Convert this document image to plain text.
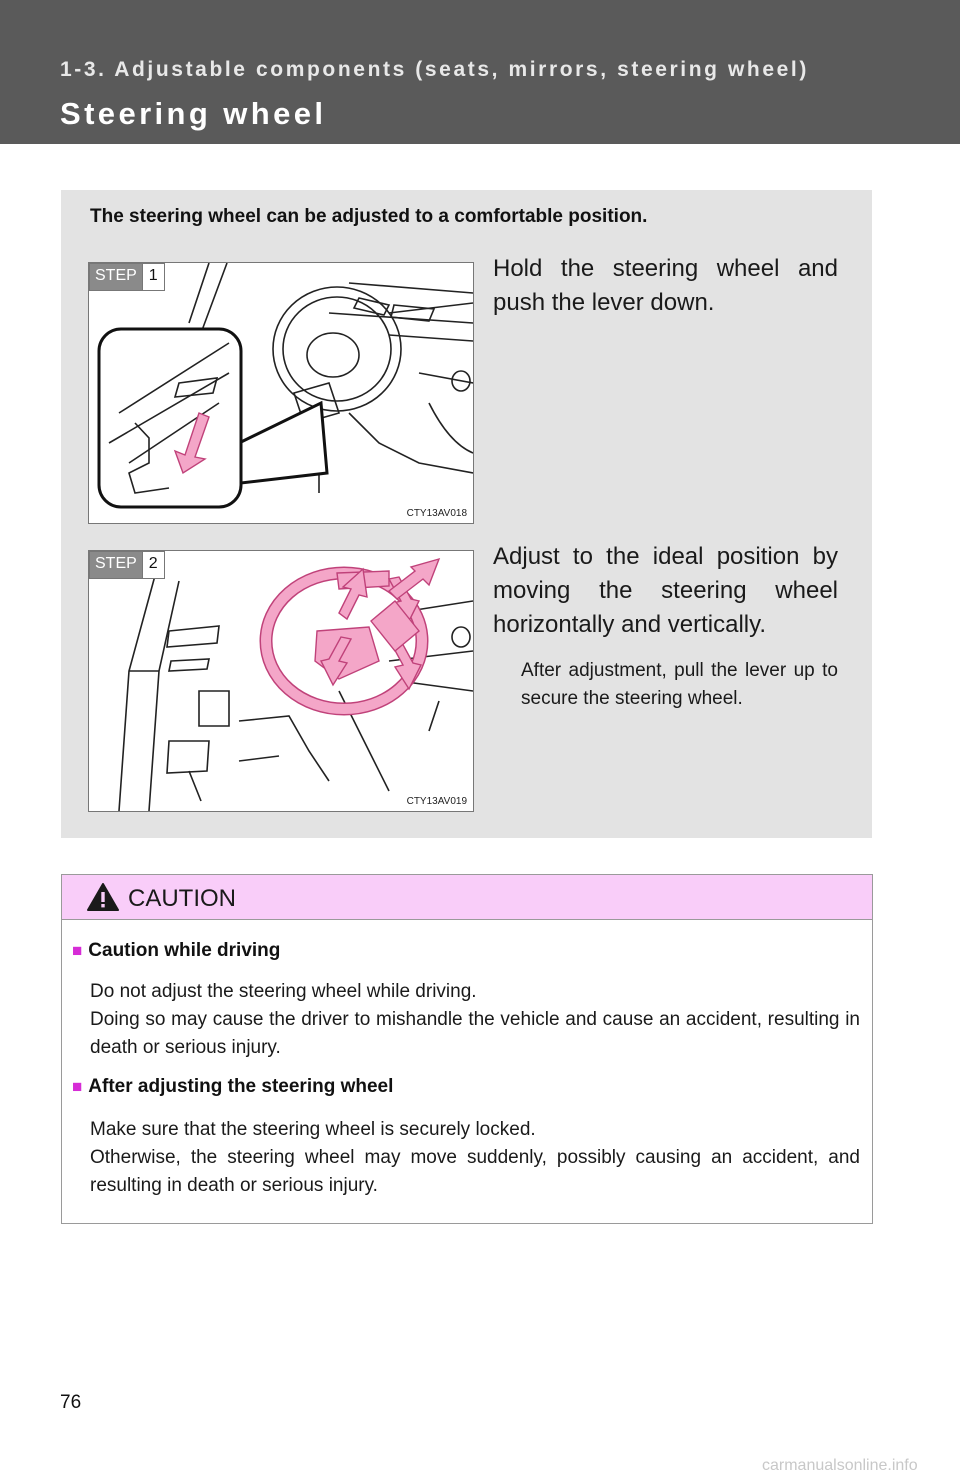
1-3. Adjustable components (seats, mirrors, steering wheel)
Steering wheel
The steering wheel can be adjusted to a comfortable position.
STEP 1
CTY13AV018
Hold the steering wheel and push the lever down.
STEP 2
CTY13AV019
Adjust to the ideal position by moving the steering wheel horizontally and vertically.
After adjustment, pull the lever up to secure the steering wheel.
CAUTION
■ Caution while driving
Do not adjust the steering wheel while driving.
Doing so may cause the driver to mishandle the vehicle and cause an accident, resulting in death or serious injury.
■ After adjusting the steering wheel
Make sure that the steering wheel is securely locked.
Otherwise, the steering wheel may move suddenly, possibly causing an accident, and resulting in death or serious injury.
76
carmanualsonline.info
